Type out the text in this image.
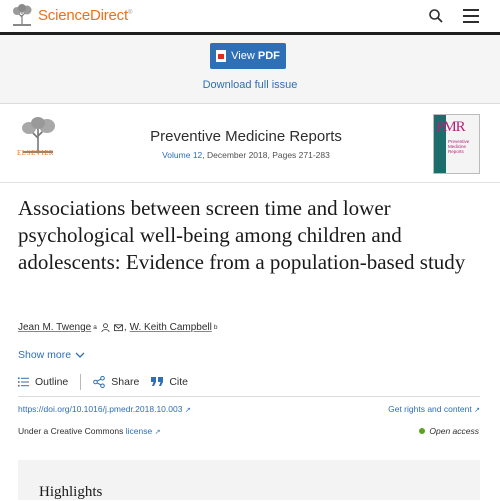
ScienceDirect®
View PDF
Download full issue
ELSEVIER
Preventive Medicine Reports
Volume 12, December 2018, Pages 271-283
PMR
Preventive Medicine Reports
Associations between screen time and lower psychological well-being among children and adolescents: Evidence from a population-based study
Jean M. Twenge a	, W. Keith Campbell b
Show more
Outline	Share	Cite
https://doi.org/10.1016/j.pmedr.2018.10.003 ↗	Get rights and content ↗
Under a Creative Commons license ↗	Open access
Highlights
